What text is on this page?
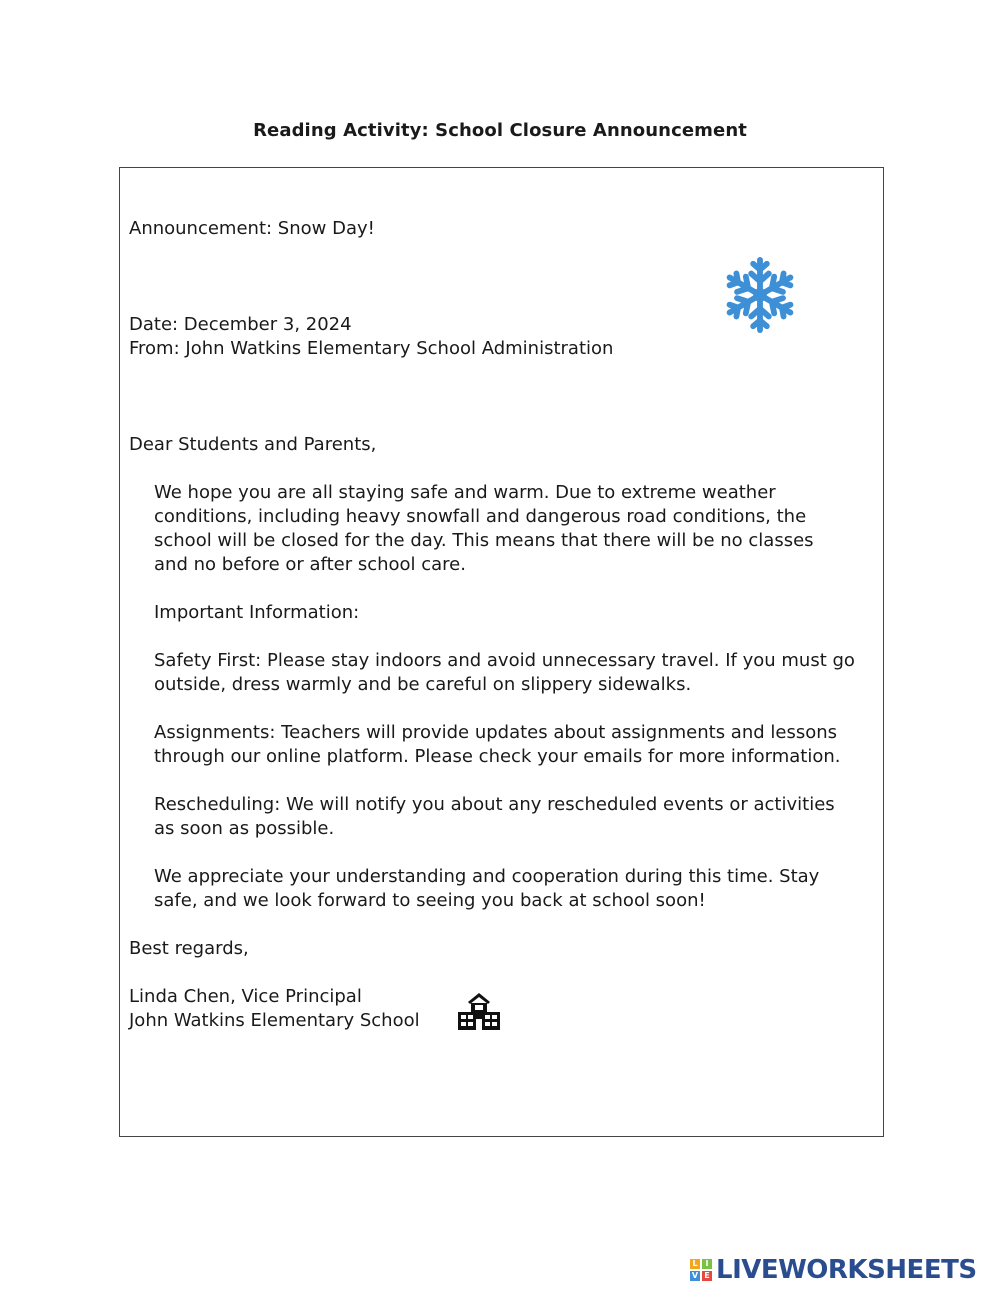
Reading Activity: School Closure Announcement
Announcement: Snow Day!
Date: December 3, 2024
From: John Watkins Elementary School Administration
Dear Students and Parents,
We hope you are all staying safe and warm. Due to extreme weather
conditions, including heavy snowfall and dangerous road conditions, the
school will be closed for the day. This means that there will be no classes
and no before or after school care.
Important Information:
Safety First: Please stay indoors and avoid unnecessary travel. If you must go
outside, dress warmly and be careful on slippery sidewalks.
Assignments: Teachers will provide updates about assignments and lessons
through our online platform. Please check your emails for more information.
Rescheduling: We will notify you about any rescheduled events or activities
as soon as possible.
We appreciate your understanding and cooperation during this time. Stay
safe, and we look forward to seeing you back at school soon!
Best regards,
Linda Chen, Vice Principal
John Watkins Elementary School
L I
V E LIVEWORKSHEETS
